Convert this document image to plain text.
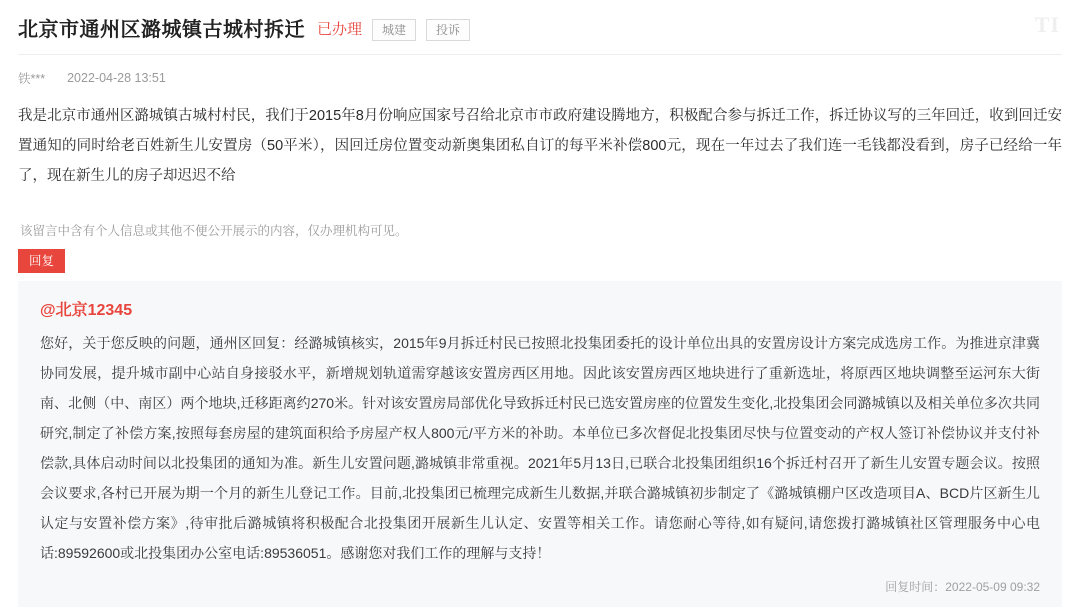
北京市通州区潞城镇古城村拆迁 已办理	城建	投诉	TI
铁*** 2022-04-28 13:51
我是北京市通州区潞城镇古城村村民，我们于2015年8月份响应国家号召给北京市市政府建设腾地方，积极配合参与拆迁工作，拆迁协议写的三年回迁，收到回迁安置通知的同时给老百姓新生儿安置房（50平米），因回迁房位置变动新奥集团私自订的每平米补偿800元，现在一年过去了我们连一毛钱都没看到，房子已经给一年了，现在新生儿的房子却迟迟不给
该留言中含有个人信息或其他不便公开展示的内容，仅办理机构可见。
回复
@北京12345
您好，关于您反映的问题，通州区回复：经潞城镇核实，2015年9月拆迁村民已按照北投集团委托的设计单位出具的安置房设计方案完成选房工作。为推进京津冀协同发展，提升城市副中心站自身接驳水平，新增规划轨道需穿越该安置房西区用地。因此该安置房西区地块进行了重新选址，将原西区地块调整至运河东大街南、北侧（中、南区）两个地块,迁移距离约270米。针对该安置房局部优化导致拆迁村民已选安置房座的位置发生变化,北投集团会同潞城镇以及相关单位多次共同研究,制定了补偿方案,按照每套房屋的建筑面积给予房屋产权人800元/平方米的补助。本单位已多次督促北投集团尽快与位置变动的产权人签订补偿协议并支付补偿款,具体启动时间以北投集团的通知为准。新生儿安置问题,潞城镇非常重视。2021年5月13日,已联合北投集团组织16个拆迁村召开了新生儿安置专题会议。按照会议要求,各村已开展为期一个月的新生儿登记工作。目前,北投集团已梳理完成新生儿数据,并联合潞城镇初步制定了《潞城镇棚户区改造项目A、BCD片区新生儿认定与安置补偿方案》,待审批后潞城镇将积极配合北投集团开展新生儿认定、安置等相关工作。请您耐心等待,如有疑问,请您拨打潞城镇社区管理服务中心电话:89592600或北投集团办公室电话:89536051。感谢您对我们工作的理解与支持！
回复时间：2022-05-09 09:32
